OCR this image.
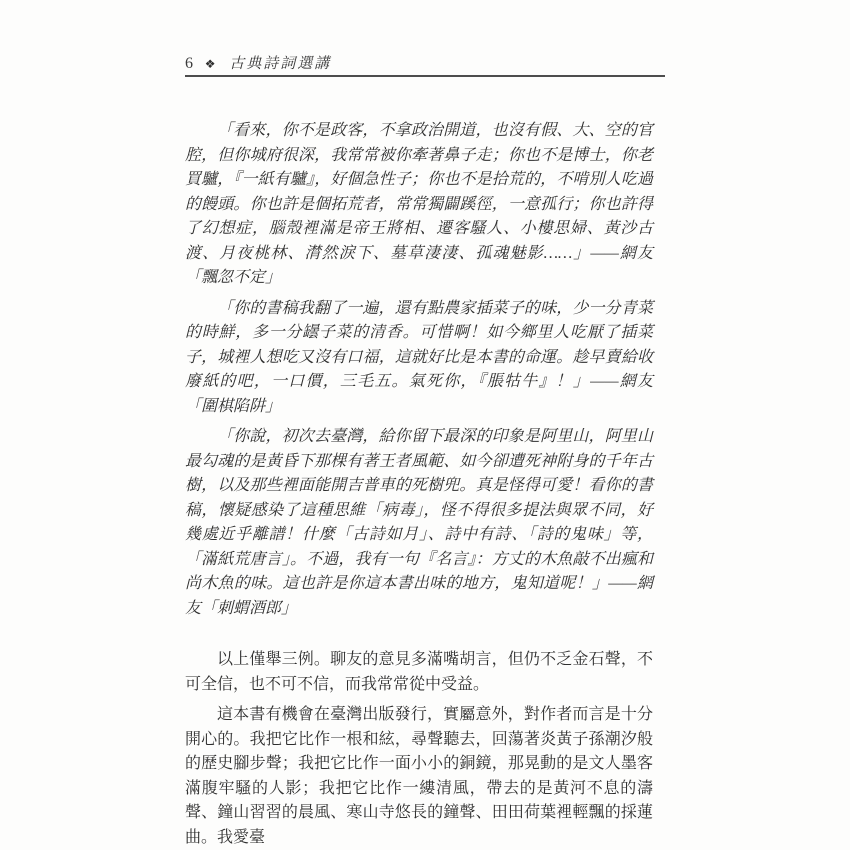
6 ❖ 古典詩詞選講

「看來，你不是政客，不拿政治開道，也沒有假、大、空的官腔，但你城府很深，我常常被你牽著鼻子走；你也不是博士，你老買驢，『一紙有驢』，好個急性子；你也不是拾荒的，不啃別人吃過的饅頭。你也許是個拓荒者，常常獨闢蹊徑，一意孤行；你也許得了幻想症，腦殼裡滿是帝王將相、遷客騷人、小樓思婦、黃沙古渡、月夜桃林、潸然淚下、墓草淒淒、孤魂魅影……」——網友「飄忽不定」

「你的書稿我翻了一遍，還有點農家插菜子的味，少一分青菜的時鮮，多一分罎子菜的清香。可惜啊！如今鄉里人吃厭了插菜子，城裡人想吃又沒有口福，這就好比是本書的命運。趁早賣給收廢紙的吧，一口價，三毛五。氣死你，『脹牯牛』！」——網友「圍棋陷阱」

「你說，初次去臺灣，給你留下最深的印象是阿里山，阿里山最勾魂的是黃昏下那棵有著王者風範、如今卻遭死神附身的千年古樹，以及那些裡面能開吉普車的死樹兜。真是怪得可愛！看你的書稿，懷疑感染了這種思維「病毒」，怪不得很多提法與眾不同，好幾處近乎離譜！什麼「古詩如月」、詩中有詩、「詩的鬼味」等，「滿紙荒唐言」。不過，我有一句『名言』：方丈的木魚敲不出瘋和尚木魚的味。這也許是你這本書出味的地方，鬼知道呢！」——網友「刺蝟酒郎」

以上僅舉三例。聊友的意見多滿嘴胡言，但仍不乏金石聲，不可全信，也不可不信，而我常常從中受益。

這本書有機會在臺灣出版發行，實屬意外，對作者而言是十分開心的。我把它比作一根和絃，尋聲聽去，回蕩著炎黃子孫潮汐般的歷史腳步聲；我把它比作一面小小的銅鏡，那晃動的是文人墨客滿腹牢騷的人影；我把它比作一縷清風，帶去的是黃河不息的濤聲、鐘山習習的晨風、寒山寺悠長的鐘聲、田田荷葉裡輕飄的採蓮曲。我愛臺
